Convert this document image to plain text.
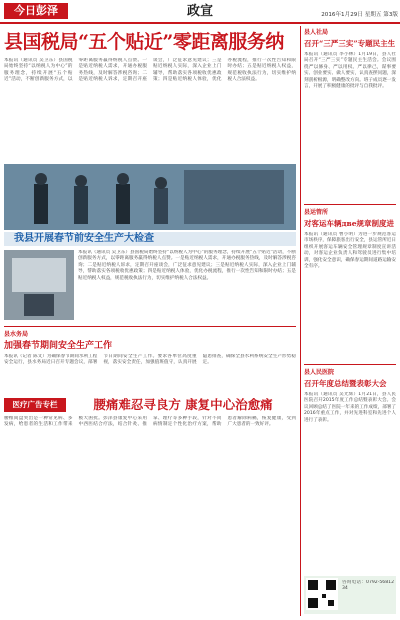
今日彭泽	政宣	2016年1月29日 星期五 第3版
县国税局“五个贴近”零距离服务纳
本报讯（通讯员 吴卫东）县国税局始终坚持“以纳税人为中心”的服务理念，持续开展“五个贴近”活动，不断创新服务方式，以零距离服务赢得纳税人点赞。一是贴近纳税人需求，开通办税服务热线，及时解答涉税咨询；二是贴近纳税人诉求，定期召开座谈会，广泛征求意见建议；三是贴近纳税人实际，深入企业上门辅导，帮助落实各项税收优惠政策；四是贴近纳税人体验，优化办税流程，推行一次性告知和限时办结；五是贴近纳税人权益，规范税收执法行为，切实维护纳税人合法权益。
我县开展春节前安全生产大检查
本报讯（通讯员 吴卫东）县国税局始终坚持“以纳税人为中心”的服务理念，持续开展“五个贴近”活动，不断创新服务方式，以零距离服务赢得纳税人点赞。一是贴近纳税人需求，开通办税服务热线，及时解答涉税咨询；二是贴近纳税人诉求，定期召开座谈会，广泛征求意见建议；三是贴近纳税人实际，深入企业上门辅导，帮助落实各项税收优惠政策；四是贴近纳税人体验，优化办税流程，推行一次性告知和限时办结；五是贴近纳税人权益，规范税收执法行为，切实维护纳税人合法权益。
县水务局
加强春节期间安全生产工作
本报讯（记者 陈文）为确保春节期间水利工程安全运行，县水务局近日召开专题会议，部署节日期间安全生产工作。要求各单位高度重视，落实安全责任，加强值班值守，认真开展隐患排查，确保全县水利系统安全生产形势稳定。
医疗广告专栏	腰痛难忍寻良方 康复中心治愈痛
腰椎间盘突出是一种常见病、多发病，给患者的生活和工作带来极大困扰。彭泽县康复中心采用中西医结合疗法，结合针灸、推拿、理疗等多种手段，针对不同病情制定个性化治疗方案，帮助患者解除病痛，恢复健康，受到广大患者的一致好评。
县人社局
召开“三严三实”专题民主生
本报讯（通讯员 李小林）1月19日，县人社局召开“三严三实”专题民主生活会。会议围绕严以修身、严以用权、严以律己，谋事要实、创业要实、做人要实，认真查摆问题，深刻剖析根源，明确整改方向。班子成员逐一发言，开展了积极健康的批评与自我批评。
县运管所
对客运车辆две规章制度进
本报讯（通讯员 曹小明）为进一步规范客运市场秩序，保障旅客出行安全，县运管所近日组织开展客运车辆安全管理规章制度宣讲活动，对客运企业负责人和驾驶员进行集中培训，强化安全意识，确保春运期间道路运输安全有序。
县人民医院
召开年度总结暨表彰大会
本报讯（通讯员 吴光辉）1月21日，县人民医院召开2015年度工作总结暨表彰大会。会议回顾总结了医院一年来的工作成绩，部署了2016年重点工作，并对先进科室和先进个人进行了表彰。
咨询电话：0792-5681234
